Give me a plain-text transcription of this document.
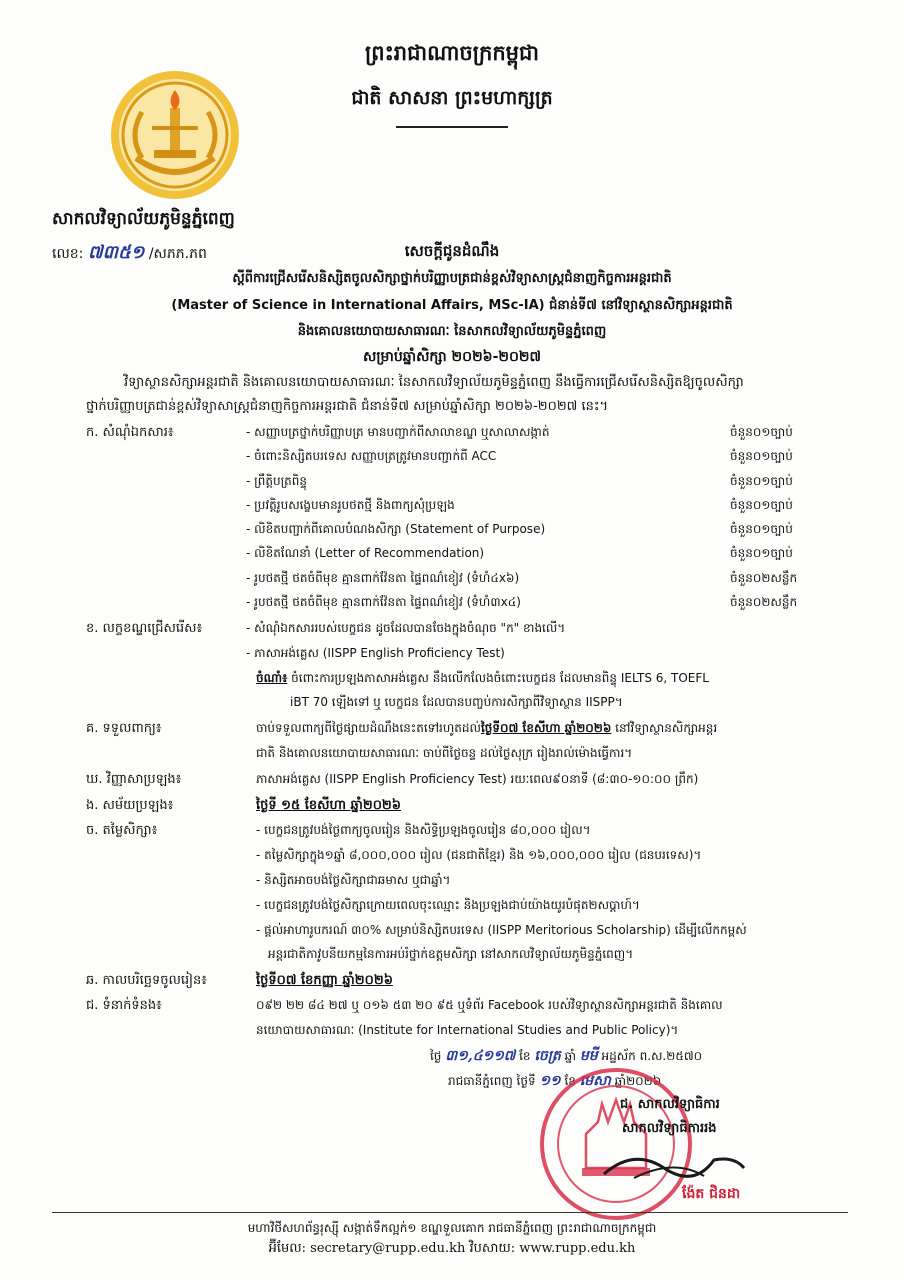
ព្រះរាជាណាចក្រកម្ពុជា
ជាតិ សាសនា ព្រះមហាក្សត្រ
សាកលវិទ្យាល័យភូមិន្ទភ្នំពេញ
លេខ: ៧៣៥១ /សភភ.ភព	សេចក្តីជូនដំណឹង
ស្តីពីការជ្រើសរើសនិស្សិតចូលសិក្សាថ្នាក់បរិញ្ញាបត្រជាន់ខ្ពស់វិទ្យាសាស្ត្រជំនាញកិច្ចការអន្តរជាតិ
(Master of Science in International Affairs, MSc-IA) ជំនាន់ទី៧ នៅវិទ្យាស្ថានសិក្សាអន្តរជាតិ
និងគោលនយោបាយសាធារណៈ នៃសាកលវិទ្យាល័យភូមិន្ទភ្នំពេញ
សម្រាប់ឆ្នាំសិក្សា ២០២៦-២០២៧
វិទ្យាស្ថានសិក្សាអន្តរជាតិ និងគោលនយោបាយសាធារណៈ នៃសាកលវិទ្យាល័យភូមិន្ទភ្នំពេញ នឹងធ្វើការជ្រើសរើសនិស្សិតឱ្យចូលសិក្សា
ថ្នាក់បរិញ្ញាបត្រជាន់ខ្ពស់វិទ្យាសាស្ត្រជំនាញកិច្ចការអន្តរជាតិ ជំនាន់ទី៧ សម្រាប់ឆ្នាំសិក្សា ២០២៦-២០២៧ នេះ។
ក. សំណុំឯកសារ៖	- សញ្ញាបត្រថ្នាក់បរិញ្ញាបត្រ មានបញ្ជាក់ពីសាលាខណ្ឌ ឬសាលាសង្កាត់	ចំនួន០១ច្បាប់
- ចំពោះនិស្សិតបរទេស សញ្ញាបត្រត្រូវមានបញ្ជាក់ពី ACC	ចំនួន០១ច្បាប់
- ព្រឹត្តិបត្រពិន្ទុ	ចំនួន០១ច្បាប់
- ប្រវត្តិរូបសង្ខេបមានរូបថតថ្មី និងពាក្យសុំប្រឡង	ចំនួន០១ច្បាប់
- លិខិតបញ្ជាក់ពីគោលបំណងសិក្សា (Statement of Purpose)	ចំនួន០១ច្បាប់
- លិខិតណែនាំ (Letter of Recommendation)	ចំនួន០១ច្បាប់
- រូបថតថ្មី ថតចំពីមុខ គ្មានពាក់វ៉ែនតា ផ្ទៃពណ៌ខៀវ (ទំហំ៤x៦)	ចំនួន០២សន្លឹក
- រូបថតថ្មី ថតចំពីមុខ គ្មានពាក់វ៉ែនតា ផ្ទៃពណ៌ខៀវ (ទំហំ៣x៤)	ចំនួន០២សន្លឹក
ខ. លក្ខខណ្ឌជ្រើសរើស៖	- សំណុំឯកសាររបស់បេក្ខជន ដូចដែលបានចែងក្នុងចំណុច "ក" ខាងលើ។
- ភាសាអង់គ្លេស (IISPP English Proficiency Test)
ចំណាំ៖ ចំពោះការប្រឡងភាសាអង់គ្លេស នឹងលើកលែងចំពោះបេក្ខជន ដែលមានពិន្ទុ IELTS 6, TOEFL
iBT 70 ឡើងទៅ ឬ បេក្ខជន ដែលបានបញ្ចប់ការសិក្សាពីវិទ្យាស្ថាន IISPP។
គ. ទទួលពាក្យ៖	ចាប់ទទួលពាក្យពីថ្ងៃផ្សាយដំណឹងនេះតទៅរហូតដល់ថ្ងៃទី០៧ ខែសីហា ឆ្នាំ២០២៦ នៅវិទ្យាស្ថានសិក្សាអន្តរ
ជាតិ និងគោលនយោបាយសាធារណៈ ចាប់ពីថ្ងៃចន្ទ ដល់ថ្ងៃសុក្រ រៀងរាល់ម៉ោងធ្វើការ។
ឃ. វិញ្ញាសាប្រឡង៖	ភាសាអង់គ្លេស (IISPP English Proficiency Test) រយៈពេល៩០នាទី (៨:៣០-១០:០០ ព្រឹក)
ង. សម័យប្រឡង៖	ថ្ងៃទី ១៥ ខែសីហា ឆ្នាំ២០២៦
ច. តម្លៃសិក្សា៖	- បេក្ខជនត្រូវបង់ថ្លៃពាក្យចូលរៀន និងសិទ្ធិប្រឡងចូលរៀន ៨០,០០០ រៀល។
- តម្លៃសិក្សាក្នុង១ឆ្នាំ ៨,០០០,០០០ រៀល (ជនជាតិខ្មែរ) និង ១៦,០០០,០០០ រៀល (ជនបរទេស)។
- និស្សិតអាចបង់ថ្លៃសិក្សាជាឆមាស ឬជាឆ្នាំ។
- បេក្ខជនត្រូវបង់ថ្លៃសិក្សាក្រោយពេលចុះឈ្មោះ និងប្រឡងជាប់យ៉ាងយូរបំផុត២សប្តាហ៍។
- ផ្តល់អាហារូបករណ៍ ៣០% សម្រាប់និស្សិតបរទេស (IISPP Meritorious Scholarship) ដើម្បីលើកកម្ពស់
អន្តរជាតិភាវូបនីយកម្មនៃការអប់រំថ្នាក់ឧត្តមសិក្សា នៅសាកលវិទ្យាល័យភូមិន្ទភ្នំពេញ។
ឆ. កាលបរិច្ឆេទចូលរៀន៖	ថ្ងៃទី០៧ ខែកញ្ញា ឆ្នាំ២០២៦
ជ. ទំនាក់ទំនង៖	០៩២ ២២ ៨៤ ២៧ ឬ ០១៦ ៥៣ ២០ ៩៥ ឬទំព័រ Facebook របស់វិទ្យាស្ថានសិក្សាអន្តរជាតិ និងគោល
នយោបាយសាធារណៈ (Institute for International Studies and Public Policy)។
ថ្ងៃ ៣១,៤១១៧ ខែ ចេត្រ ឆ្នាំ មមី អដ្ឋស័ក ព.ស.២៥៧០
រាជធានីភ្នំពេញ ថ្ងៃទី ១១ ខែ មេសា ឆ្នាំ២០២៦
ជ. សាកលវិទ្យាធិការ
សាកលវិទ្យាធិការរង
ង៉ែត ជិនដា
មហាវិថីសហព័ន្ធរុស្ស៊ី សង្កាត់ទឹកល្អក់១ ខណ្ឌទួលគោក រាជធានីភ្នំពេញ ព្រះរាជាណាចក្រកម្ពុជា
អ៊ីមែល: secretary@rupp.edu.kh វិបសាយ: www.rupp.edu.kh
